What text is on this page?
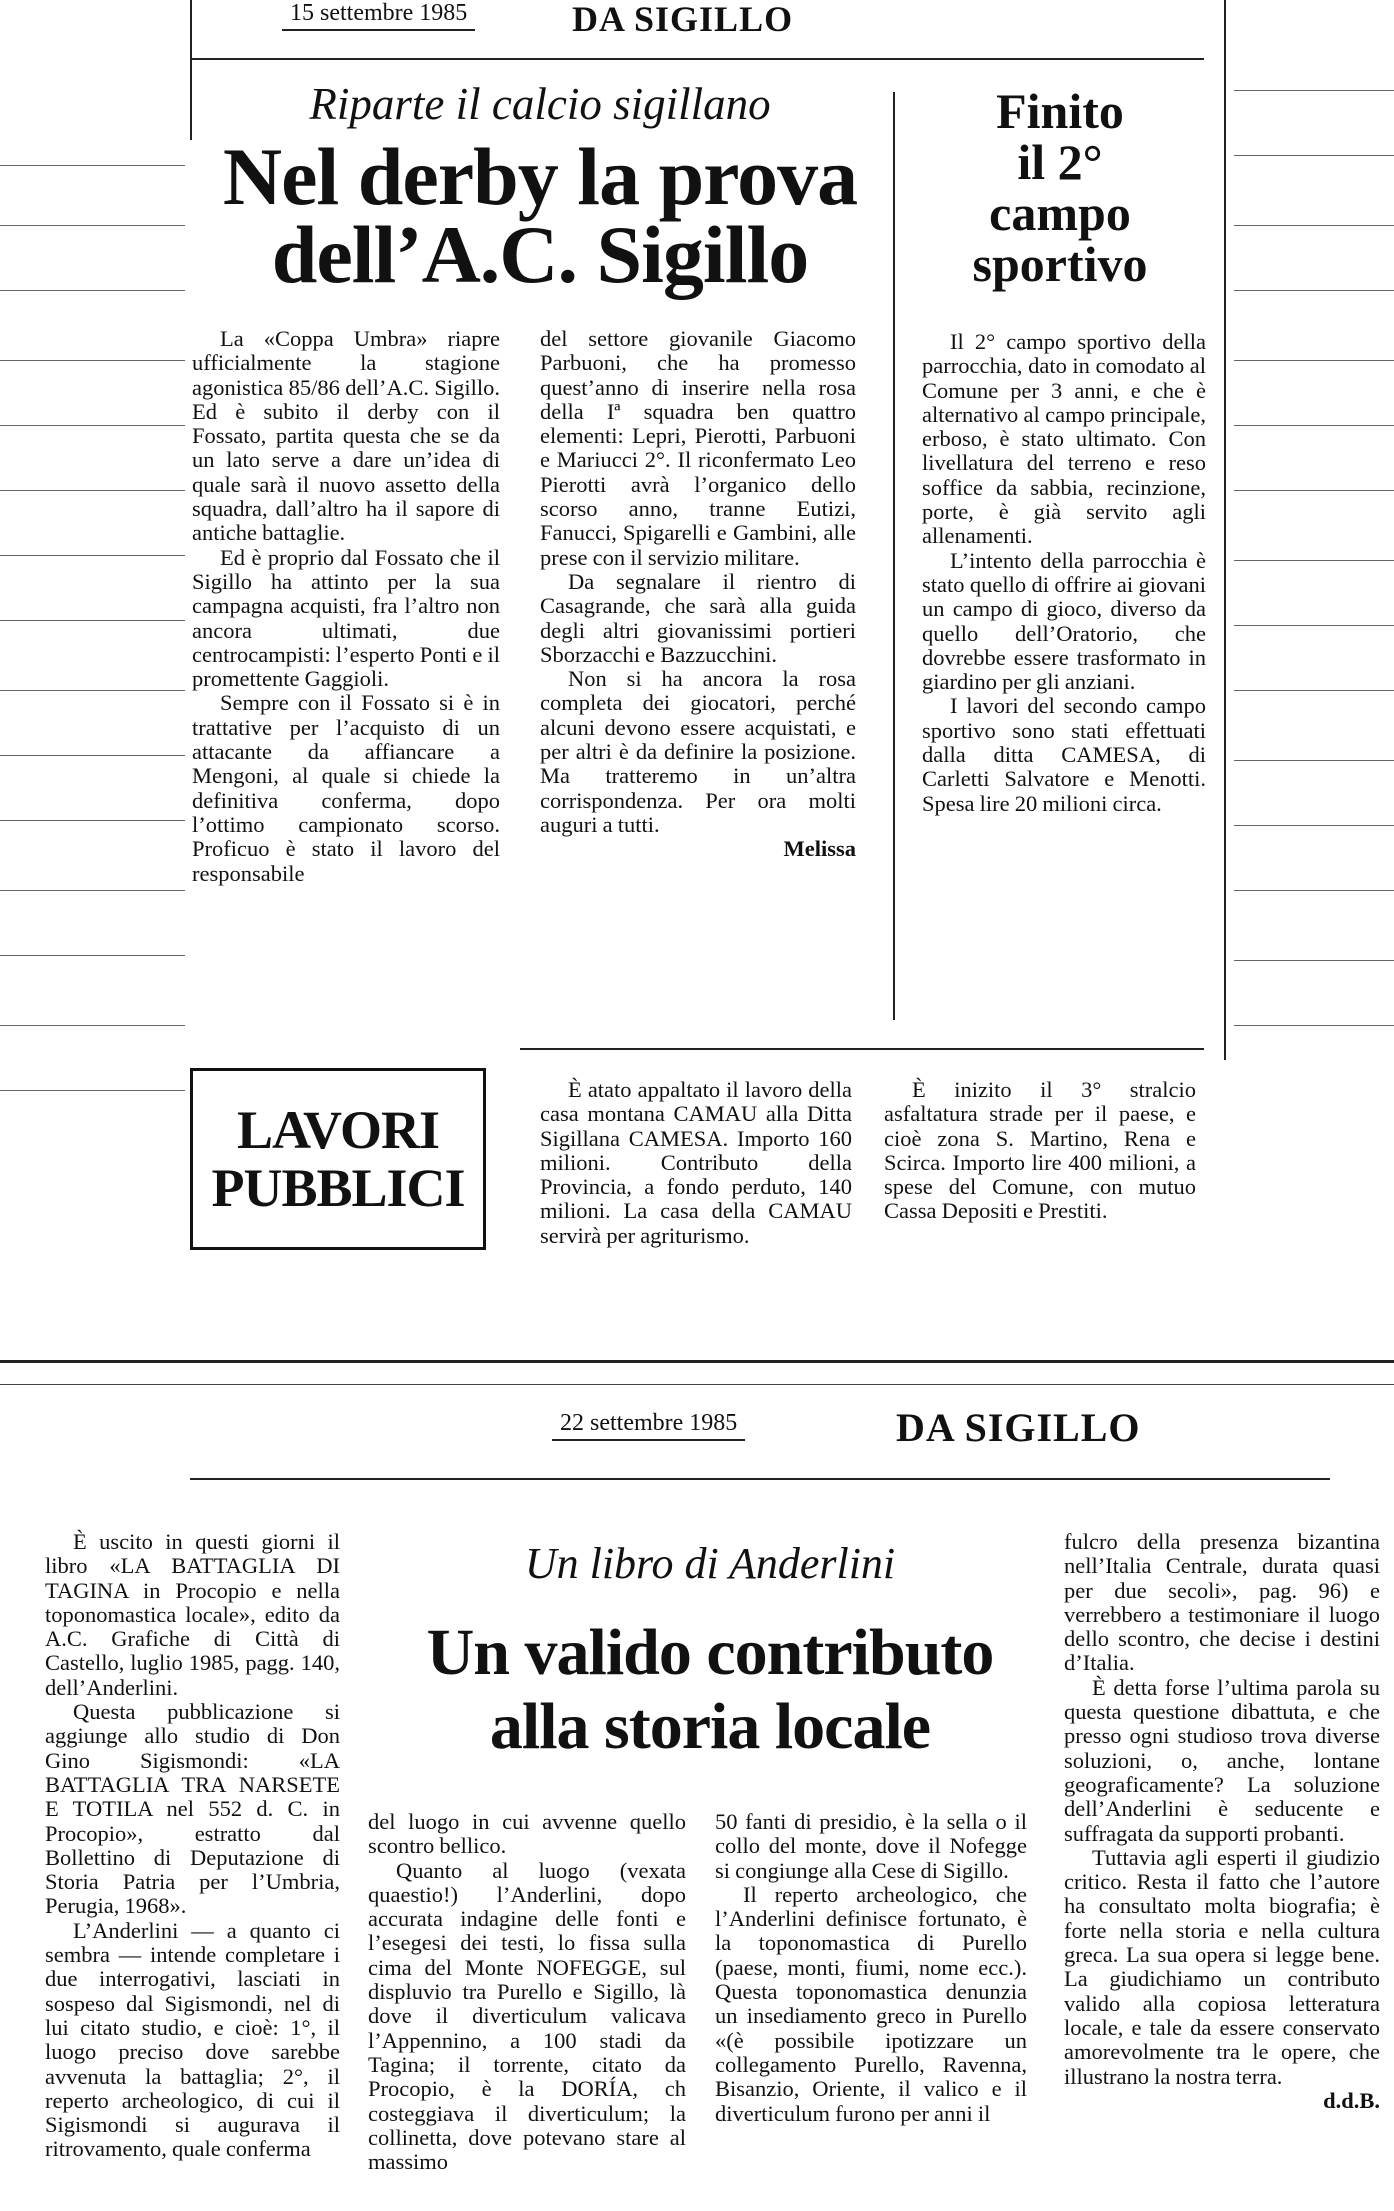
15 settembre 1985	DA SIGILLO
Riparte il calcio sigillano
Nel derby la prova
dell’A.C. Sigillo

La «Coppa Umbra» riapre ufficialmente la stagione agonistica 85/86 dell’A.C. Sigillo. Ed è subito il derby con il Fossato, partita questa che se da un lato serve a dare un’idea di quale sarà il nuovo assetto della squadra, dall’altro ha il sapore di antiche battaglie.

Ed è proprio dal Fossato che il Sigillo ha attinto per la sua campagna acquisti, fra l’altro non ancora ultimati, due centrocampisti: l’esperto Ponti e il promettente Gaggioli.

Sempre con il Fossato si è in trattative per l’acquisto di un attacante da affiancare a Mengoni, al quale si chiede la definitiva conferma, dopo l’ottimo campionato scorso. Proficuo è stato il lavoro del responsabile

del settore giovanile Giacomo Parbuoni, che ha promesso quest’anno di inserire nella rosa della Iª squadra ben quattro elementi: Lepri, Pierotti, Parbuoni e Mariucci 2°. Il riconfermato Leo Pierotti avrà l’organico dello scorso anno, tranne Eutizi, Fanucci, Spigarelli e Gambini, alle prese con il servizio militare.

Da segnalare il rientro di Casagrande, che sarà alla guida degli altri giovanissimi portieri Sborzacchi e Bazzucchini.

Non si ha ancora la rosa completa dei giocatori, perché alcuni devono essere acquistati, e per altri è da definire la posizione. Ma tratteremo in un’altra corrispondenza. Per ora molti auguri a tutti.

Melissa

Finito
il 2°
campo
sportivo

Il 2° campo sportivo della parrocchia, dato in comodato al Comune per 3 anni, e che è alternativo al campo principale, erboso, è stato ultimato. Con livellatura del terreno e reso soffice da sabbia, recinzione, porte, è già servito agli allenamenti.

L’intento della parrocchia è stato quello di offrire ai giovani un campo di gioco, diverso da quello dell’Oratorio, che dovrebbe essere trasformato in giardino per gli anziani.

I lavori del secondo campo sportivo sono stati effettuati dalla ditta CAMESA, di Carletti Salvatore e Menotti. Spesa lire 20 milioni circa.

LAVORI
PUBBLICI

È atato appaltato il lavoro della casa montana CAMAU alla Ditta Sigillana CAMESA. Importo 160 milioni. Contributo della Provincia, a fondo perduto, 140 milioni. La casa della CAMAU servirà per agriturismo.

È inizito il 3° stralcio asfaltatura strade per il paese, e cioè zona S. Martino, Rena e Scirca. Importo lire 400 milioni, a spese del Comune, con mutuo Cassa Depositi e Prestiti.

22 settembre 1985	DA SIGILLO

È uscito in questi giorni il libro «LA BATTAGLIA DI TAGINA in Procopio e nella toponomastica locale», edito da A.C. Grafiche di Città di Castello, luglio 1985, pagg. 140, dell’Anderlini.

Questa pubblicazione si aggiunge allo studio di Don Gino Sigismondi: «LA BATTAGLIA TRA NARSETE E TOTILA nel 552 d. C. in Procopio», estratto dal Bollettino di Deputazione di Storia Patria per l’Umbria, Perugia, 1968».

L’Anderlini — a quanto ci sembra — intende completare i due interrogativi, lasciati in sospeso dal Sigismondi, nel di lui citato studio, e cioè: 1°, il luogo preciso dove sarebbe avvenuta la battaglia; 2°, il reperto archeologico, di cui il Sigismondi si augurava il ritrovamento, quale conferma

Un libro di Anderlini
Un valido contributo
alla storia locale

del luogo in cui avvenne quello scontro bellico.

Quanto al luogo (vexata quaestio!) l’Anderlini, dopo accurata indagine delle fonti e l’esegesi dei testi, lo fissa sulla cima del Monte NOFEGGE, sul displuvio tra Purello e Sigillo, là dove il diverticulum valicava l’Appennino, a 100 stadi da Tagina; il torrente, citato da Procopio, è la DORÍA, ch costeggiava il diverticulum; la collinetta, dove potevano stare al massimo

50 fanti di presidio, è la sella o il collo del monte, dove il Nofegge si congiunge alla Cese di Sigillo.

Il reperto archeologico, che l’Anderlini definisce fortunato, è la toponomastica di Purello (paese, monti, fiumi, nome ecc.). Questa toponomastica denunzia un insediamento greco in Purello «(è possibile ipotizzare un collegamento Purello, Ravenna, Bisanzio, Oriente, il valico e il diverticulum furono per anni il

fulcro della presenza bizantina nell’Italia Centrale, durata quasi per due secoli», pag. 96) e verrebbero a testimoniare il luogo dello scontro, che decise i destini d’Italia.

È detta forse l’ultima parola su questa questione dibattuta, e che presso ogni studioso trova diverse soluzioni, o, anche, lontane geograficamente? La soluzione dell’Anderlini è seducente e suffragata da supporti probanti.

Tuttavia agli esperti il giudizio critico. Resta il fatto che l’autore ha consultato molta biografia; è forte nella storia e nella cultura greca. La sua opera si legge bene. La giudichiamo un contributo valido alla copiosa letteratura locale, e tale da essere conservato amorevolmente tra le opere, che illustrano la nostra terra.

d.d.B.
